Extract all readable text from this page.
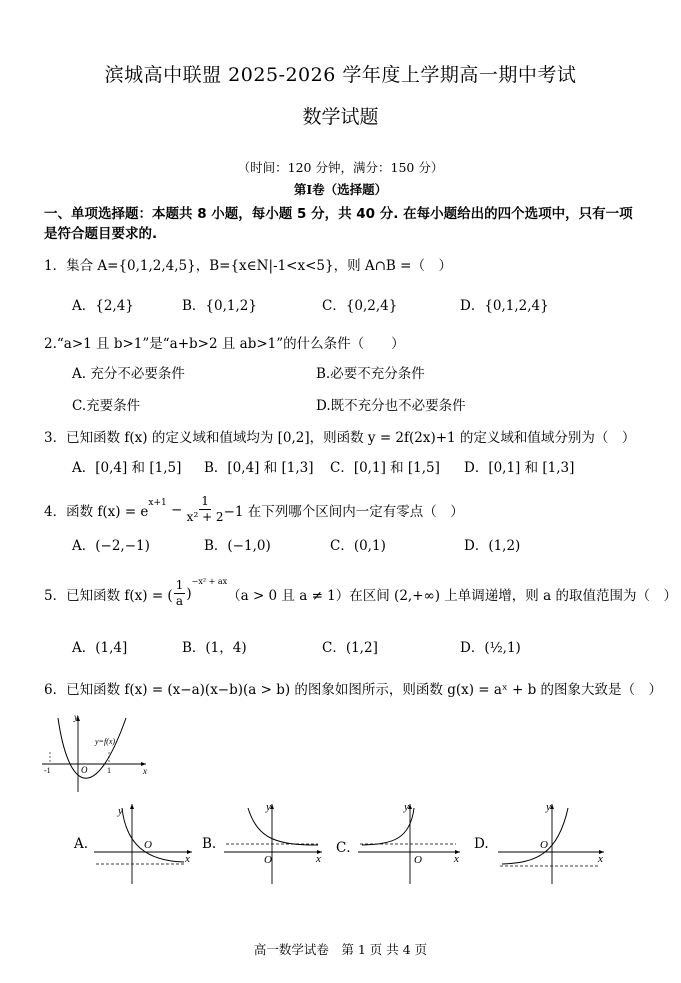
滨城高中联盟 2025-2026 学年度上学期高一期中考试
数学试题
（时间：120 分钟，满分：150 分）
第Ⅰ卷（选择题）
一、单项选择题：本题共 8 小题，每小题 5 分，共 40 分. 在每小题给出的四个选项中，只有一项
是符合题目要求的.
1．集合 A={0,1,2,4,5}，B={x∈N|-1<x<5}，则 A∩B =（　）
A．{2,4}	B．{0,1,2}	C．{0,2,4}	D．{0,1,2,4}
2.“a>1 且 b>1”是“a+b>2 且 ab>1”的什么条件（　　）
A. 充分不必要条件	B.必要不充分条件
C.充要条件	D.既不充分也不必要条件
3．已知函数 f(x) 的定义域和值域均为 [0,2]，则函数 y = 2f(2x)+1 的定义域和值域分别为（　）
A．[0,4] 和 [1,5] B．[0,4] 和 [1,3] C．[0,1] 和 [1,5] D．[0,1] 和 [1,3]
4．函数 f(x) = e
$^{x+1} - \frac{1}{\text{x² + 2}} -1$ 在下列哪个区间内一定有零点（　）
A．(−2,−1)	B．(−1,0)	C．(0,1)	D．(1,2)
5．已知函数 f(x) = ( $\frac{1}{a}$ )
$^{-x^2 + ax}$
（a > 0 且 a ≠ 1）在区间 (2,+∞) 上单调递增，则 a 的取值范围为（　）
A．(1,4]	B．(1，4)	C．(1,2]	D．(½,1)
6．已知函数 f(x) = (x−a)(x−b)(a > b) 的图象如图所示，则函数 g(x) = aˣ + b 的图象大致是（　）
y
x
O
-1	1
y=f(x)
A.
y
x
O	B.
y
x
O
C．
y
x
O
D.
y
x
O
高一数学试卷　第 1 页 共 4 页
